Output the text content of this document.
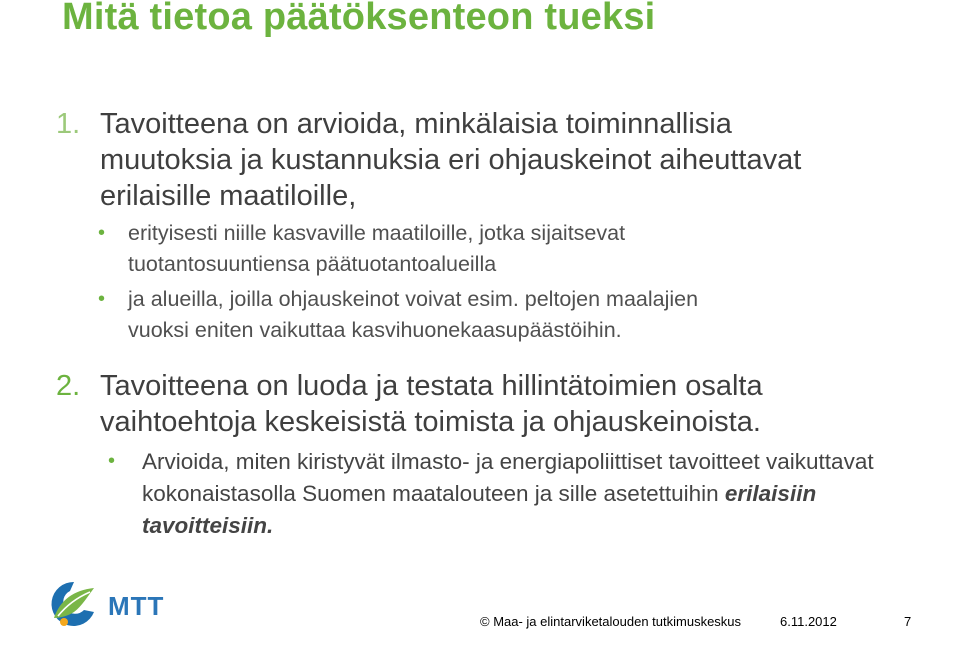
Mitä tietoa päätöksenteon tueksi
1. Tavoitteena on arvioida, minkälaisia toiminnallisia
muutoksia ja kustannuksia eri ohjauskeinot aiheuttavat
erilaisille maatiloille,
• erityisesti niille kasvaville maatiloille, jotka sijaitsevat
tuotantosuuntiensa päätuotantoalueilla
• ja alueilla, joilla ohjauskeinot voivat esim. peltojen maalajien
vuoksi eniten vaikuttaa kasvihuonekaasupäästöihin.
2. Tavoitteena on luoda ja testata hillintätoimien osalta
vaihtoehtoja keskeisistä toimista ja ohjauskeinoista.
• Arvioida, miten kiristyvät ilmasto- ja energiapoliittiset tavoitteet vaikuttavat kokonaistasolla Suomen maatalouteen ja sille asetettuihin erilaisiin tavoitteisiin.
MTT
© Maa- ja elintarviketalouden tutkimuskeskus	6.11.2012	7
